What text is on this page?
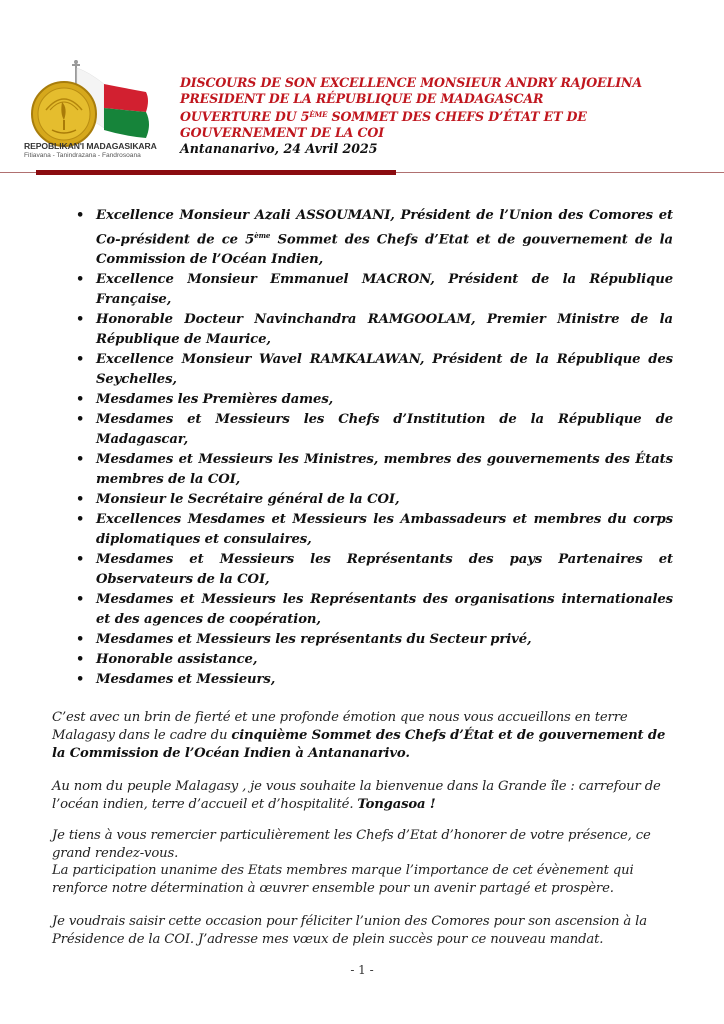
REPOBLIKAN'I MADAGASIKARA
Fitiavana - Tanindrazana - Fandrosoana
DISCOURS DE SON EXCELLENCE MONSIEUR ANDRY RAJOELINA
PRESIDENT DE LA RÉPUBLIQUE DE MADAGASCAR
OUVERTURE DU 5ÈME SOMMET DES CHEFS D’ÉTAT ET DE
GOUVERNEMENT DE LA COI
Antananarivo, 24 Avril 2025
• Excellence Monsieur Azali ASSOUMANI, Président de l’Union des Comores et Co-président de ce 5ème Sommet des Chefs d’Etat et de gouvernement de la Commission de l’Océan Indien,
• Excellence Monsieur Emmanuel MACRON, Président de la République Française,
• Honorable Docteur Navinchandra RAMGOOLAM, Premier Ministre de la République de Maurice,
• Excellence Monsieur Wavel RAMKALAWAN, Président de la République des Seychelles,
• Mesdames les Premières dames,
• Mesdames et Messieurs les Chefs d’Institution de la République de Madagascar,
• Mesdames et Messieurs les Ministres, membres des gouvernements des États membres de la COI,
• Monsieur le Secrétaire général de la COI,
• Excellences Mesdames et Messieurs les Ambassadeurs et membres du corps diplomatiques et consulaires,
• Mesdames et Messieurs les Représentants des pays Partenaires et Observateurs de la COI,
• Mesdames et Messieurs les Représentants des organisations internationales et des agences de coopération,
• Mesdames et Messieurs les représentants du Secteur privé,
• Honorable assistance,
• Mesdames et Messieurs,

C’est avec un brin de fierté et une profonde émotion que nous vous accueillons en terre Malagasy dans le cadre du cinquième Sommet des Chefs d’État et de gouvernement de la Commission de l’Océan Indien à Antananarivo.

Au nom du peuple Malagasy , je vous souhaite la bienvenue dans la Grande île : carrefour de l’océan indien, terre d’accueil et d’hospitalité. Tongasoa !

Je tiens à vous remercier particulièrement les Chefs d’Etat d’honorer de votre présence, ce grand rendez-vous.

La participation unanime des Etats membres marque l’importance de cet évènement qui renforce notre détermination à œuvrer ensemble pour un avenir partagé et prospère.

Je voudrais saisir cette occasion pour féliciter l’union des Comores pour son ascension à la Présidence de la COI. J’adresse mes vœux de plein succès pour ce nouveau mandat.

- 1 -
